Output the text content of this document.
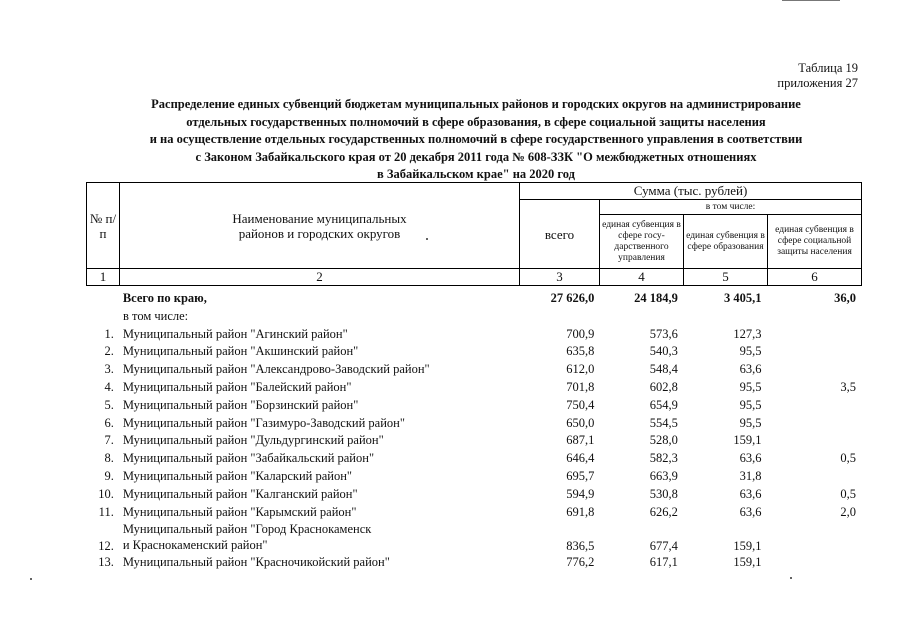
Таблица 19
приложения 27
Распределение единых субвенций бюджетам муниципальных районов и городских округов на администрирование
отдельных государственных полномочий в сфере образования, в сфере социальной защиты населения
и на осуществление отдельных государственных полномочий в сфере государственного управления в соответствии
с Законом Забайкальского края от 20 декабря 2011 года № 608-ЗЗК "О межбюджетных отношениях
в Забайкальском крае" на 2020 год
№ п/п	Наименование муниципальных районов и городских округов	Сумма (тыс. рублей)			
		всего	в том числе:		
			единая субвенция в сфере госу-дарственного управления	единая субвенция в сфере образования	единая субвенция в сфере социальной защиты населения
1	2	3	4	5	6
Всего по краю,	27 626,0	24 184,9	3 405,1	36,0
в том числе:
1. Муниципальный район "Агинский район"	700,9	573,6	127,3
2. Муниципальный район "Акшинский район"	635,8	540,3	95,5
3. Муниципальный район "Александрово-Заводский район"	612,0	548,4	63,6
4. Муниципальный район "Балейский район"	701,8	602,8	95,5	3,5
5. Муниципальный район "Борзинский район"	750,4	654,9	95,5
6. Муниципальный район "Газимуро-Заводский район"	650,0	554,5	95,5
7. Муниципальный район "Дульдургинский район"	687,1	528,0	159,1
8. Муниципальный район "Забайкальский район"	646,4	582,3	63,6	0,5
9. Муниципальный район "Каларский район"	695,7	663,9	31,8
10. Муниципальный район "Калганский район"	594,9	530,8	63,6	0,5
11. Муниципальный район "Карымский район"	691,8	626,2	63,6	2,0
12.
Муниципальный район "Город Краснокаменск
и Краснокаменский район"	836,5	677,4	159,1
13. Муниципальный район "Красночикойский район"	776,2	617,1	159,1
